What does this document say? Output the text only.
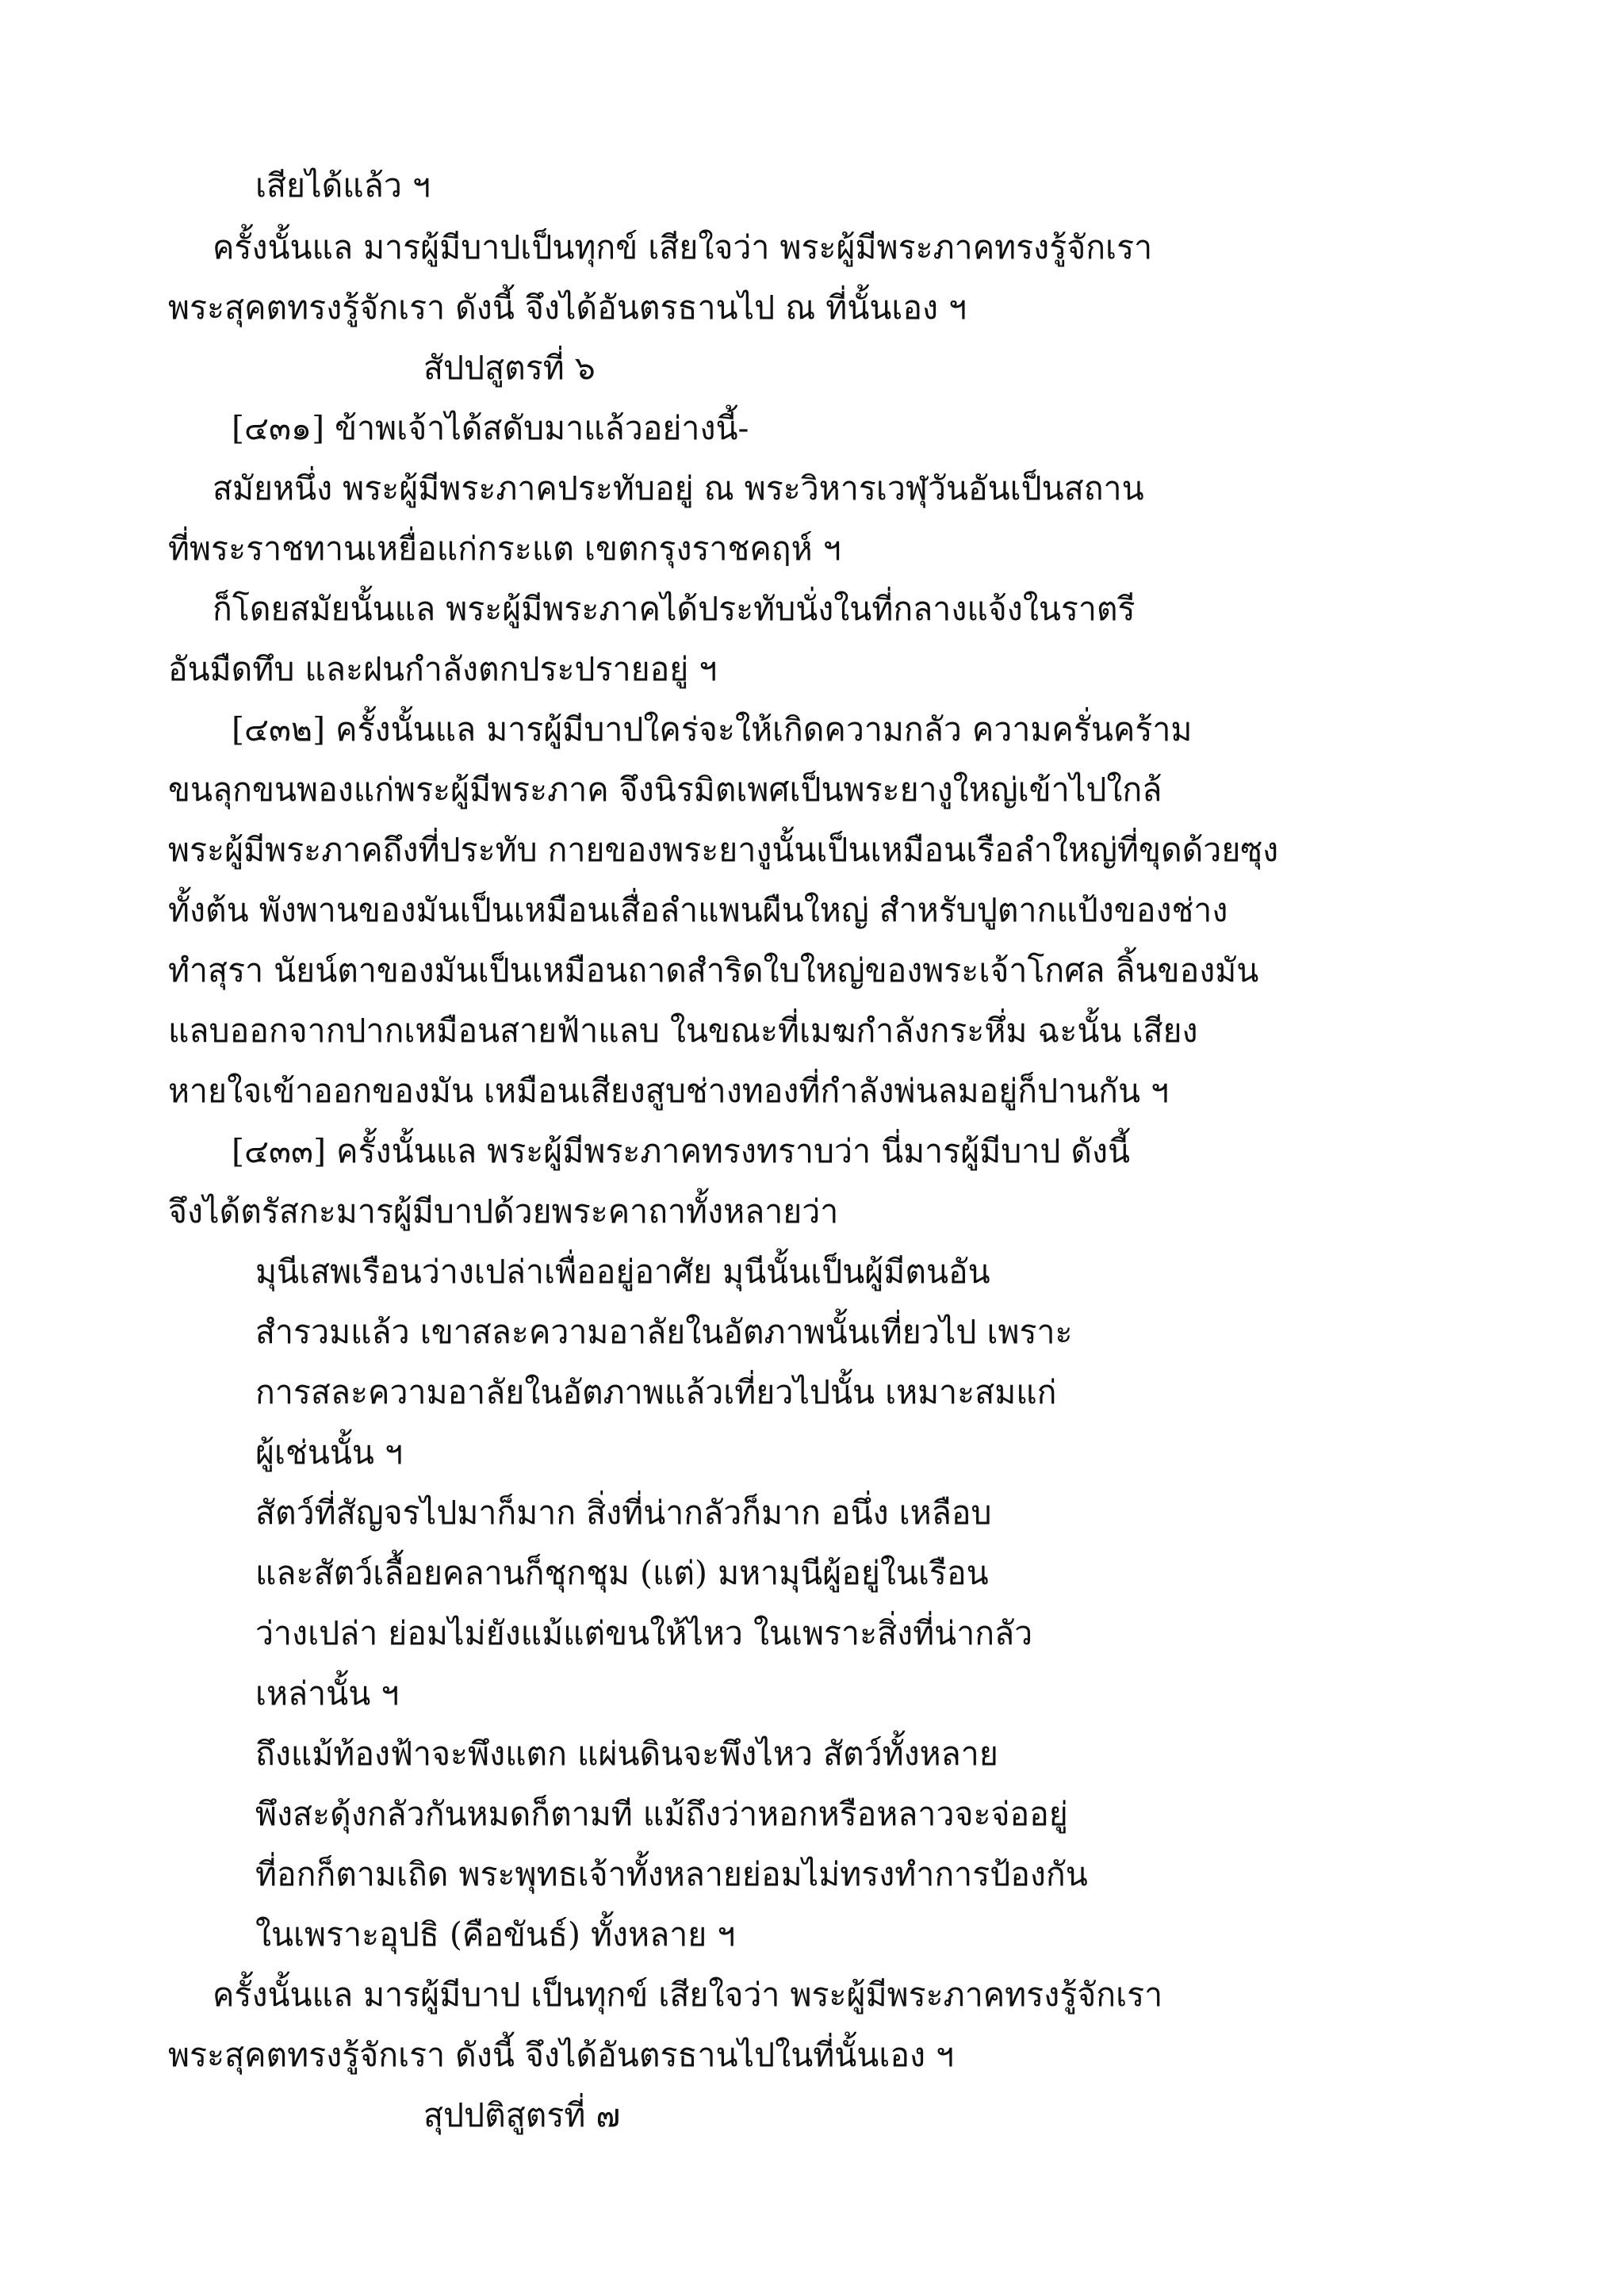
เสียได้แล้ว ฯ
ครั้งนั้นแล มารผู้มีบาปเป็นทุกข์ เสียใจว่า พระผู้มีพระภาคทรงรู้จักเรา
พระสุคตทรงรู้จักเรา ดังนี้ จึงได้อันตรธานไป ณ ที่นั้นเอง ฯ
สัปปสูตรที่ ๖
[๔๓๑] ข้าพเจ้าได้สดับมาแล้วอย่างนี้-
สมัยหนึ่ง พระผู้มีพระภาคประทับอยู่ ณ พระวิหารเวฬุวันอันเป็นสถาน
ที่พระราชทานเหยื่อแก่กระแต เขตกรุงราชคฤห์ ฯ
ก็โดยสมัยนั้นแล พระผู้มีพระภาคได้ประทับนั่งในที่กลางแจ้งในราตรี
อันมืดทึบ และฝนกำลังตกประปรายอยู่ ฯ
[๔๓๒] ครั้งนั้นแล มารผู้มีบาปใคร่จะให้เกิดความกลัว ความครั่นคร้าม
ขนลุกขนพองแก่พระผู้มีพระภาค จึงนิรมิตเพศเป็นพระยางูใหญ่เข้าไปใกล้
พระผู้มีพระภาคถึงที่ประทับ กายของพระยางูนั้นเป็นเหมือนเรือลำใหญ่ที่ขุดด้วยซุง
ทั้งต้น พังพานของมันเป็นเหมือนเสื่อลำแพนผืนใหญ่ สำหรับปูตากแป้งของช่าง
ทำสุรา นัยน์ตาของมันเป็นเหมือนถาดสำริดใบใหญ่ของพระเจ้าโกศล ลิ้นของมัน
แลบออกจากปากเหมือนสายฟ้าแลบ ในขณะที่เมฆกำลังกระหึ่ม ฉะนั้น เสียง
หายใจเข้าออกของมัน เหมือนเสียงสูบช่างทองที่กำลังพ่นลมอยู่ก็ปานกัน ฯ
[๔๓๓] ครั้งนั้นแล พระผู้มีพระภาคทรงทราบว่า นี่มารผู้มีบาป ดังนี้
จึงได้ตรัสกะมารผู้มีบาปด้วยพระคาถาทั้งหลายว่า
มุนีเสพเรือนว่างเปล่าเพื่ออยู่อาศัย มุนีนั้นเป็นผู้มีตนอัน
สำรวมแล้ว เขาสละความอาลัยในอัตภาพนั้นเที่ยวไป เพราะ
การสละความอาลัยในอัตภาพแล้วเที่ยวไปนั้น เหมาะสมแก่
ผู้เช่นนั้น ฯ
สัตว์ที่สัญจรไปมาก็มาก สิ่งที่น่ากลัวก็มาก อนึ่ง เหลือบ
และสัตว์เลื้อยคลานก็ชุกชุม (แต่) มหามุนีผู้อยู่ในเรือน
ว่างเปล่า ย่อมไม่ยังแม้แต่ขนให้ไหว ในเพราะสิ่งที่น่ากลัว
เหล่านั้น ฯ
ถึงแม้ท้องฟ้าจะพึงแตก แผ่นดินจะพึงไหว สัตว์ทั้งหลาย
พึงสะดุ้งกลัวกันหมดก็ตามที แม้ถึงว่าหอกหรือหลาวจะจ่ออยู่
ที่อกก็ตามเถิด พระพุทธเจ้าทั้งหลายย่อมไม่ทรงทำการป้องกัน
ในเพราะอุปธิ (คือขันธ์) ทั้งหลาย ฯ
ครั้งนั้นแล มารผู้มีบาป เป็นทุกข์ เสียใจว่า พระผู้มีพระภาคทรงรู้จักเรา
พระสุคตทรงรู้จักเรา ดังนี้ จึงได้อันตรธานไปในที่นั้นเอง ฯ
สุปปติสูตรที่ ๗
